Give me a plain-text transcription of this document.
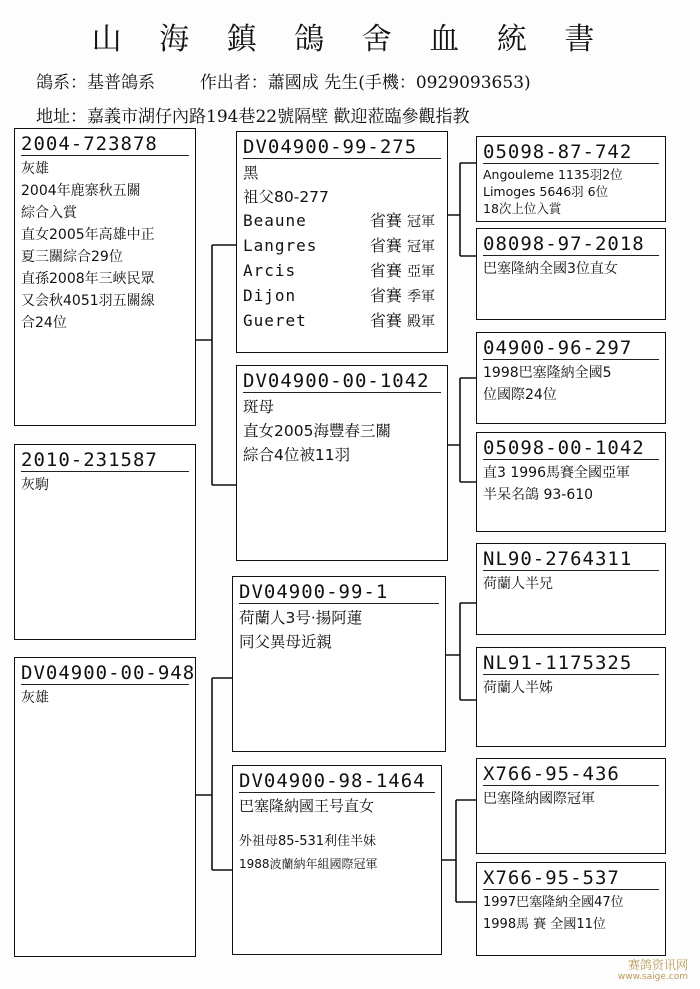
山 海 鎮 鴿 舍 血 統 書
鴿系：基普鴿系	作出者：蕭國成 先生(手機：0929093653)
地址：嘉義市湖仔內路194巷22號隔壁 歡迎蒞臨參觀指教
2004-723878
灰雄
2004年鹿寨秋五關
綜合入賞
直女2005年高雄中正
夏三關綜合29位
直孫2008年三峽民眾
又会秋4051羽五關線
合24位
2010-231587
灰駒
DV04900-00-948
灰雄
DV04900-99-275
黑
祖父80-277
Beaune	省賽 冠軍
Langres	省賽 冠軍
Arcis	省賽 亞軍
Dijon	省賽 季軍
Gueret	省賽 殿軍
DV04900-00-1042
斑母
直女2005海豐春三關
綜合4位被11羽
DV04900-99-1
荷蘭人3号·揚阿蓮
同父異母近親
DV04900-98-1464
巴塞隆納國王号直女
外祖母85-531利佳半妹
1988波蘭納年組國際冠軍
05098-87-742
Angouleme 1135羽2位
Limoges 5646羽 6位
18次上位入賞
08098-97-2018
巴塞隆納全國3位直女
04900-96-297
1998巴塞隆納全國5
位國際24位
05098-00-1042
直3 1996馬賽全國亞軍
半呆名鴿 93-610
NL90-2764311
荷蘭人半兄
NL91-1175325
荷蘭人半姊
X766-95-436
巴塞隆納國際冠軍
X766-95-537
1997巴塞隆納全國47位
1998馬 賽 全國11位
赛鸽资讯网
www.saige.com
